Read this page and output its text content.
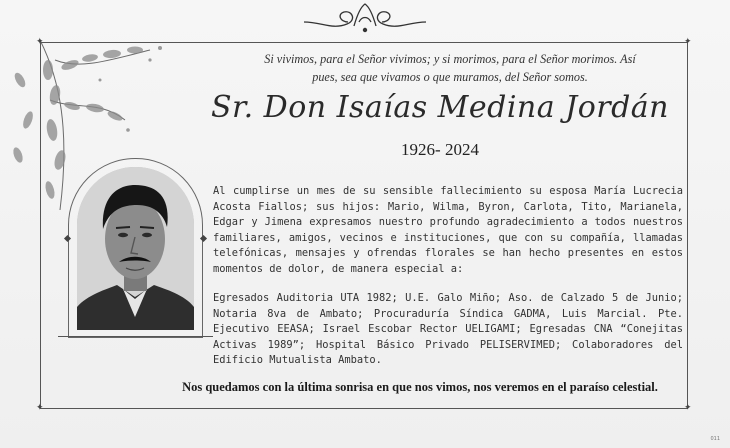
✦	✦
✦	✦
Si vivimos, para el Señor vivimos; y si morimos, para el Señor morimos. Así
pues, sea que vivamos o que muramos, del Señor somos.
Sr. Don Isaías Medina Jordán
1926- 2024

Al cumplirse un mes de su sensible fallecimiento su esposa María Lucrecia Acosta Fiallos; sus hijos: Mario, Wilma, Byron, Carlota, Tito, Marianela, Edgar y Jimena expresamos nuestro profundo agradecimiento a todos nuestros familiares, amigos, vecinos e instituciones, que con su compañía, llamadas telefónicas, mensajes y ofrendas florales se han hecho presentes en estos momentos de dolor, de manera especial a:

Egresados Auditoria UTA 1982; U.E. Galo Miño; Aso. de Calzado 5 de Junio; Notaria 8va de Ambato; Procuraduría Síndica GADMA, Luis Marcial. Pte. Ejecutivo EEASA; Israel Escobar Rector UELIGAMI; Egresadas CNA “Conejitas Activas 1989”; Hospital Básico Privado PELISERVIMED; Colaboradores del Edificio Mutualista Ambato.

Nos quedamos con la última sonrisa en que nos vimos, nos veremos en el paraíso celestial.
011
